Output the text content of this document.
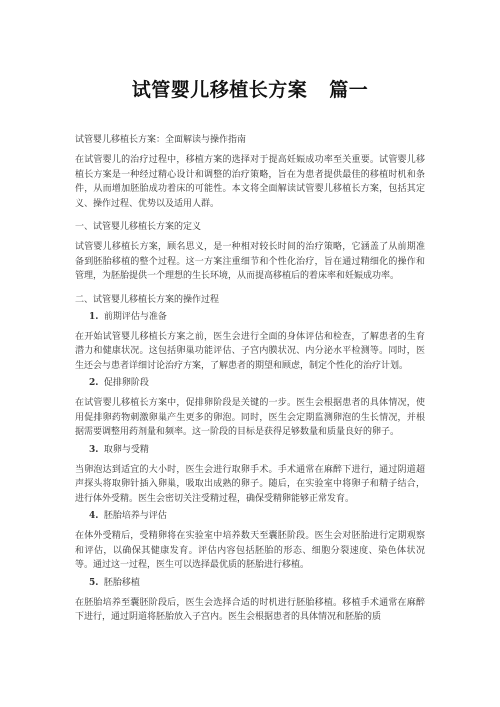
试管婴儿移植长方案 篇一
试管婴儿移植长方案：全面解读与操作指南
在试管婴儿的治疗过程中，移植方案的选择对于提高妊娠成功率至关重要。试管婴儿移植长方案是一种经过精心设计和调整的治疗策略，旨在为患者提供最佳的移植时机和条件，从而增加胚胎成功着床的可能性。本文将全面解读试管婴儿移植长方案，包括其定义、操作过程、优势以及适用人群。
一、试管婴儿移植长方案的定义
试管婴儿移植长方案，顾名思义，是一种相对较长时间的治疗策略，它涵盖了从前期准备到胚胎移植的整个过程。这一方案注重细节和个性化治疗，旨在通过精细化的操作和管理，为胚胎提供一个理想的生长环境，从而提高移植后的着床率和妊娠成功率。
二、试管婴儿移植长方案的操作过程
1. 前期评估与准备
在开始试管婴儿移植长方案之前，医生会进行全面的身体评估和检查，了解患者的生育潜力和健康状况。这包括卵巢功能评估、子宫内膜状况、内分泌水平检测等。同时，医生还会与患者详细讨论治疗方案，了解患者的期望和顾虑，制定个性化的治疗计划。
2. 促排卵阶段
在试管婴儿移植长方案中，促排卵阶段是关键的一步。医生会根据患者的具体情况，使用促排卵药物刺激卵巢产生更多的卵泡。同时，医生会定期监测卵泡的生长情况，并根据需要调整用药剂量和频率。这一阶段的目标是获得足够数量和质量良好的卵子。
3. 取卵与受精
当卵泡达到适宜的大小时，医生会进行取卵手术。手术通常在麻醉下进行，通过阴道超声探头将取卵针插入卵巢，吸取出成熟的卵子。随后，在实验室中将卵子和精子结合，进行体外受精。医生会密切关注受精过程，确保受精卵能够正常发育。
4. 胚胎培养与评估
在体外受精后，受精卵将在实验室中培养数天至囊胚阶段。医生会对胚胎进行定期观察和评估，以确保其健康发育。评估内容包括胚胎的形态、细胞分裂速度、染色体状况等。通过这一过程，医生可以选择最优质的胚胎进行移植。
5. 胚胎移植
在胚胎培养至囊胚阶段后，医生会选择合适的时机进行胚胎移植。移植手术通常在麻醉下进行，通过阴道将胚胎放入子宫内。医生会根据患者的具体情况和胚胎的质
